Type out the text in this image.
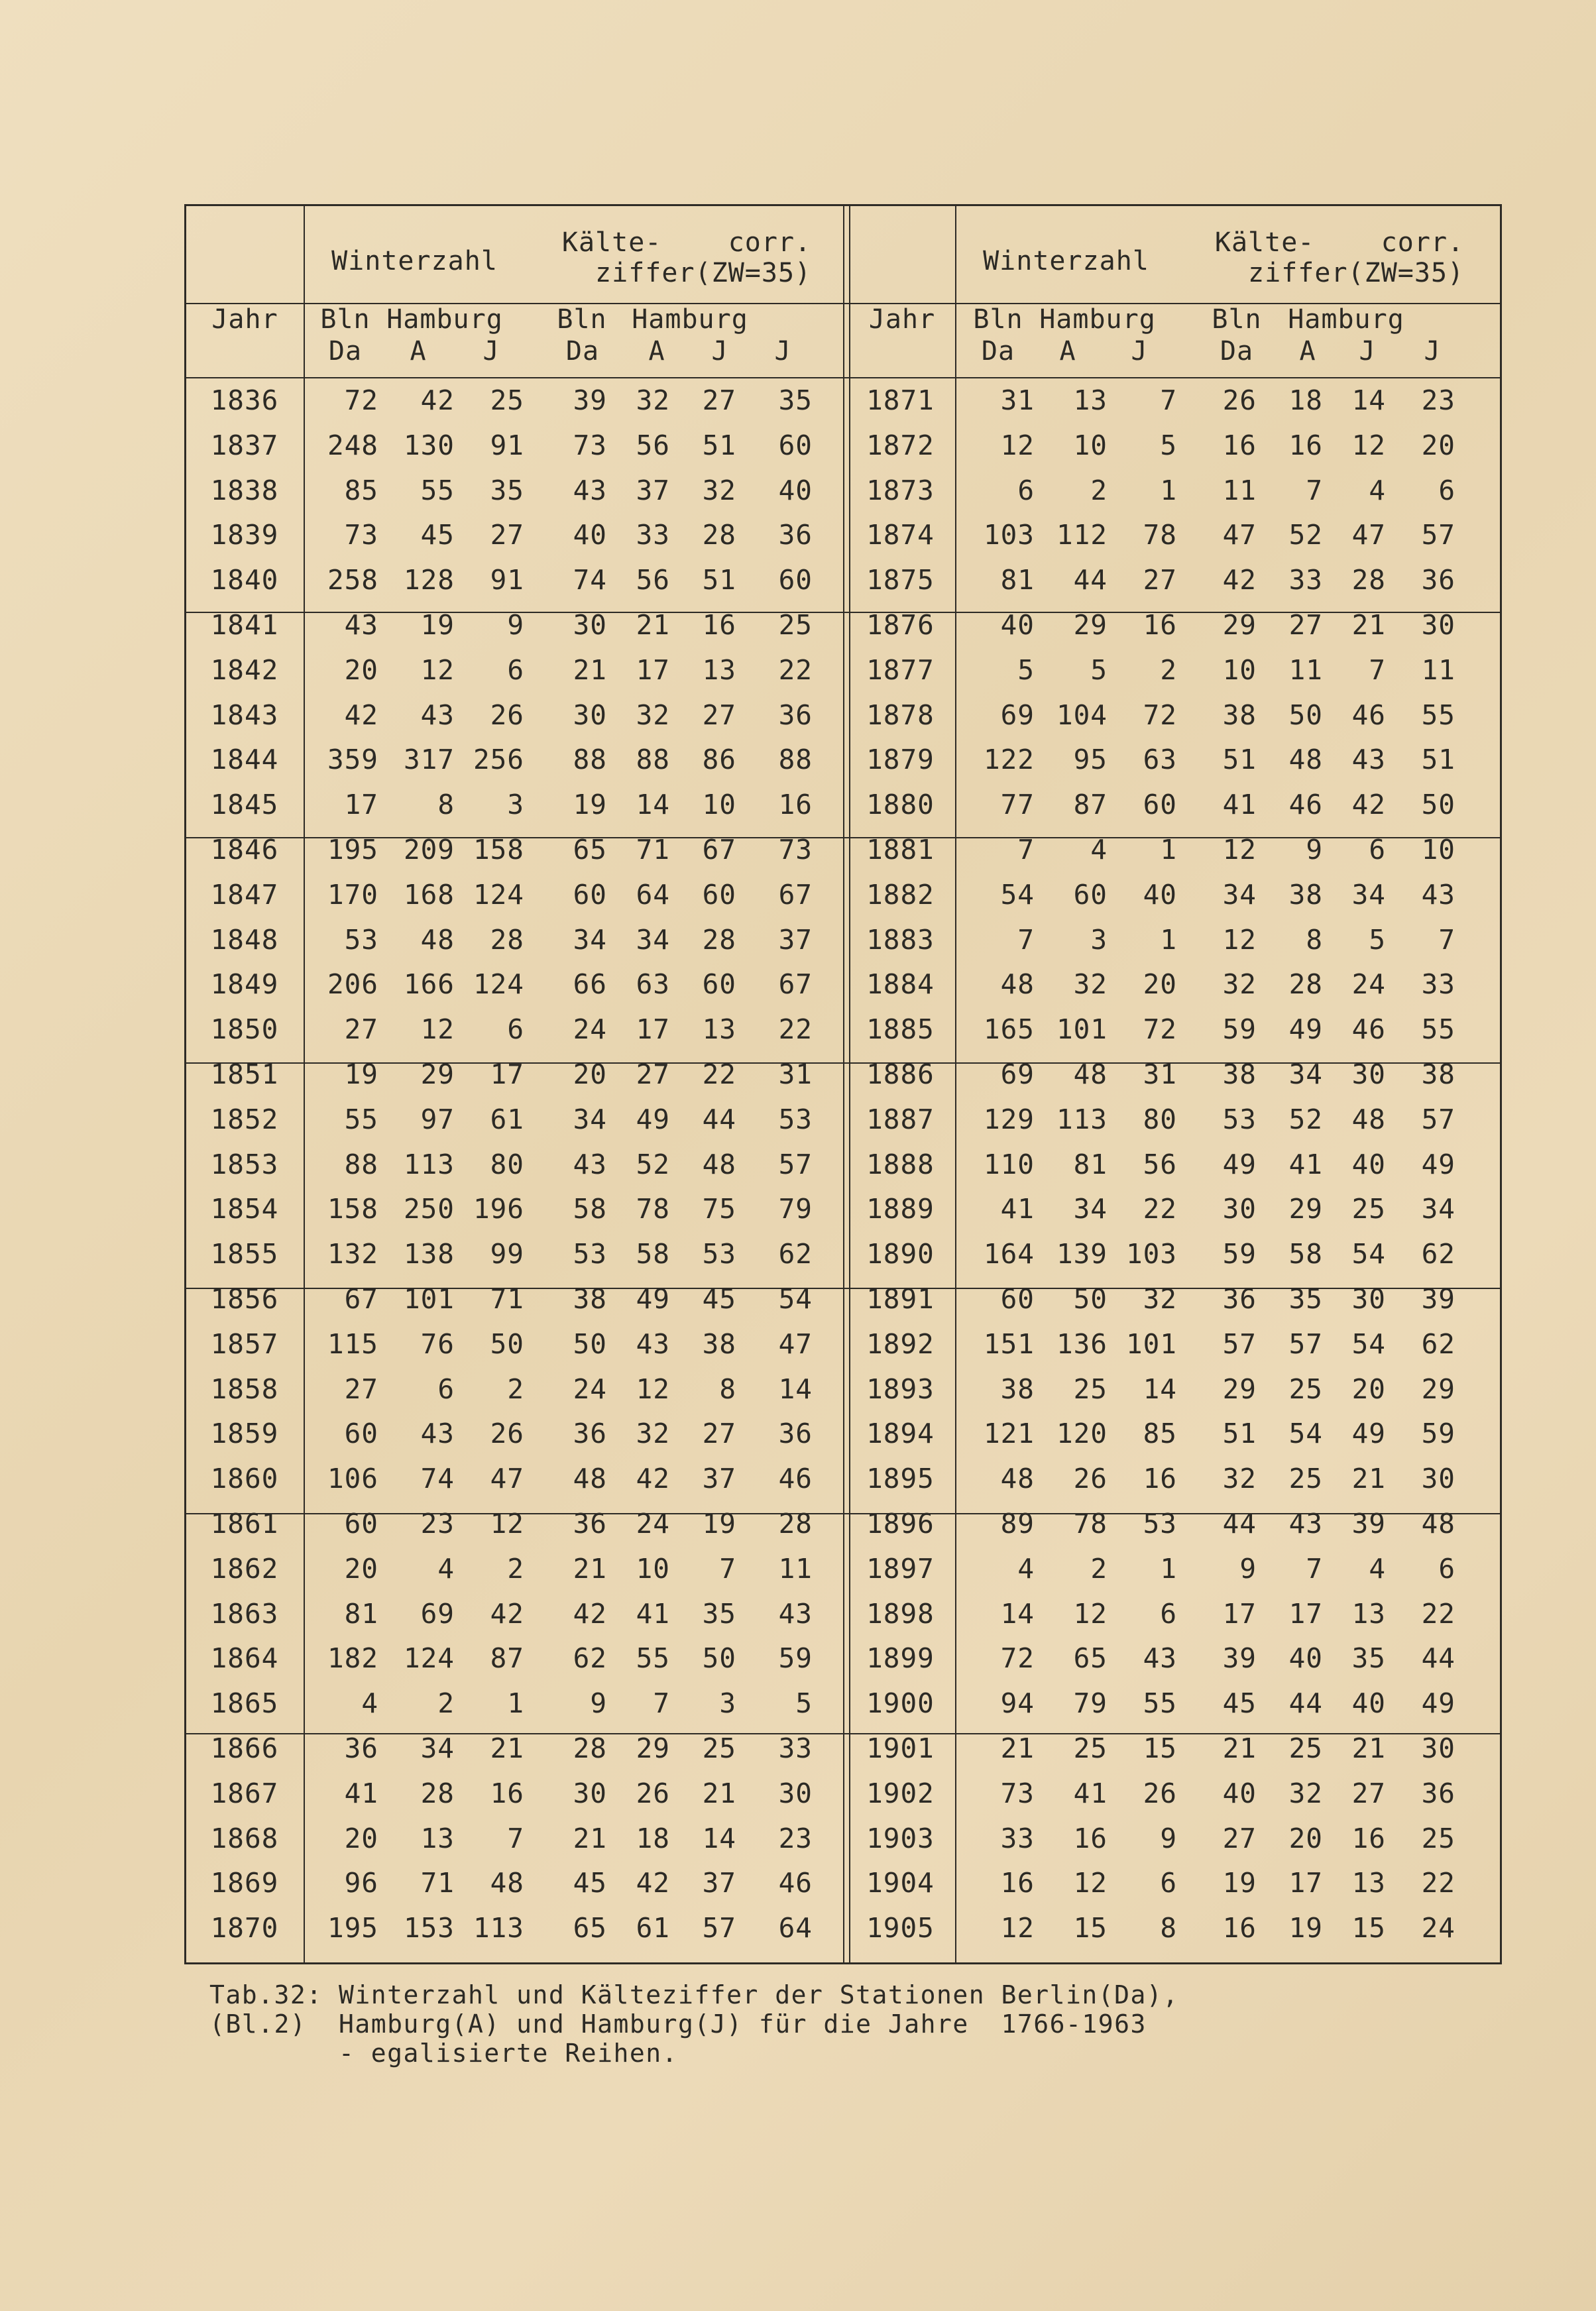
Winterzahl
Kälte-    corr.
ziffer(ZW=35)
Jahr	Bln Hamburg	Bln Hamburg
Da	A J	Da	A J J
Winterzahl
Kälte-    corr.
ziffer(ZW=35)
Jahr	Bln Hamburg	Bln Hamburg
Da	A J	Da	A J J
1836	72	42	25	39	32	27	35	1871	31	13	7	26	18	14	23
1837	248 130	91	73	56	51	60	1872	12	10	5	16	16	12	20
1838	85	55	35	43	37	32	40	1873	6	2	1	11	7	4	6
1839	73	45	27	40	33	28	36	1874	103 112	78	47	52	47	57
1840	258 128	91	74	56	51	60	1875	81	44	27	42	33	28	36
1841	43	19	9	30	21	16	25	1876	40	29	16	29	27	21	30
1842	20	12	6	21	17	13	22	1877	5	5	2	10	11	7	11
1843	42	43	26	30	32	27	36	1878	69 104	72	38	50	46	55
1844	359 317 256	88	88	86	88	1879	122	95	63	51	48	43	51
1845	17	8	3	19	14	10	16	1880	77	87	60	41	46	42	50
1846	195 209 158	65	71	67	73	1881	7	4	1	12	9	6	10
1847	170 168 124	60	64	60	67	1882	54	60	40	34	38	34	43
1848	53	48	28	34	34	28	37	1883	7	3	1	12	8	5	7
1849	206 166 124	66	63	60	67	1884	48	32	20	32	28	24	33
1850	27	12	6	24	17	13	22	1885	165 101	72	59	49	46	55
1851	19	29	17	20	27	22	31	1886	69	48	31	38	34	30	38
1852	55	97	61	34	49	44	53	1887	129 113	80	53	52	48	57
1853	88 113	80	43	52	48	57	1888	110	81	56	49	41	40	49
1854	158 250 196	58	78	75	79	1889	41	34	22	30	29	25	34
1855	132 138	99	53	58	53	62	1890	164 139 103	59	58	54	62
1856	67 101	71	38	49	45	54	1891	60	50	32	36	35	30	39
1857	115	76	50	50	43	38	47	1892	151 136 101	57	57	54	62
1858	27	6	2	24	12	8	14	1893	38	25	14	29	25	20	29
1859	60	43	26	36	32	27	36	1894	121 120	85	51	54	49	59
1860	106	74	47	48	42	37	46	1895	48	26	16	32	25	21	30
1861	60	23	12	36	24	19	28	1896	89	78	53	44	43	39	48
1862	20	4	2	21	10	7	11	1897	4	2	1	9	7	4	6
1863	81	69	42	42	41	35	43	1898	14	12	6	17	17	13	22
1864	182 124	87	62	55	50	59	1899	72	65	43	39	40	35	44
1865	4	2	1	9	7	3	5	1900	94	79	55	45	44	40	49
1866	36	34	21	28	29	25	33	1901	21	25	15	21	25	21	30
1867	41	28	16	30	26	21	30	1902	73	41	26	40	32	27	36
1868	20	13	7	21	18	14	23	1903	33	16	9	27	20	16	25
1869	96	71	48	45	42	37	46	1904	16	12	6	19	17	13	22
1870	195 153 113	65	61	57	64	1905	12	15	8	16	19	15	24
Tab.32: Winterzahl und Kälteziffer der Stationen Berlin(Da),
(Bl.2)  Hamburg(A) und Hamburg(J) für die Jahre  1766-1963
- egalisierte Reihen.
